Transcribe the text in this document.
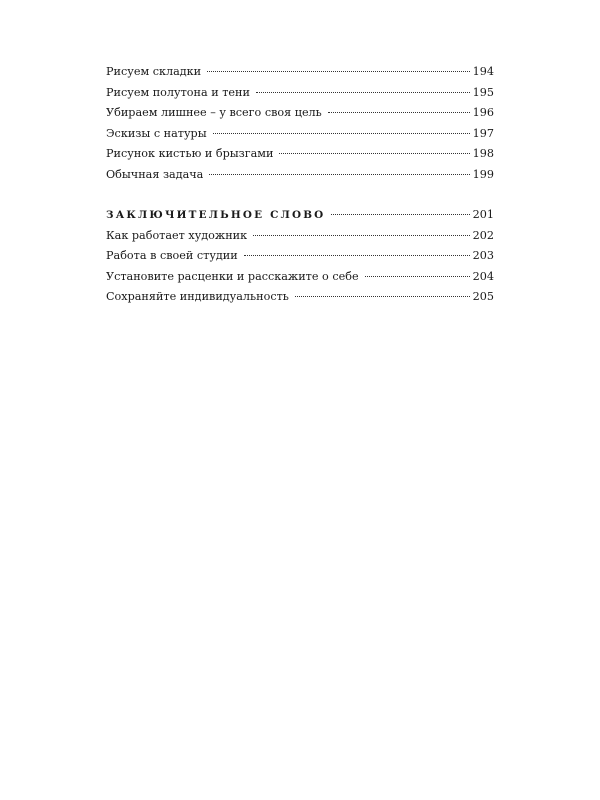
Рисуем складки	194
Рисуем полутона и тени	195
Убираем лишнее – у всего своя цель	196
Эскизы с натуры	197
Рисунок кистью и брызгами	198
Обычная задача	199
ЗАКЛЮЧИТЕЛЬНОЕ СЛОВО	201
Как работает художник	202
Работа в своей студии	203
Установите расценки и расскажите о себе	204
Сохраняйте индивидуальность	205
